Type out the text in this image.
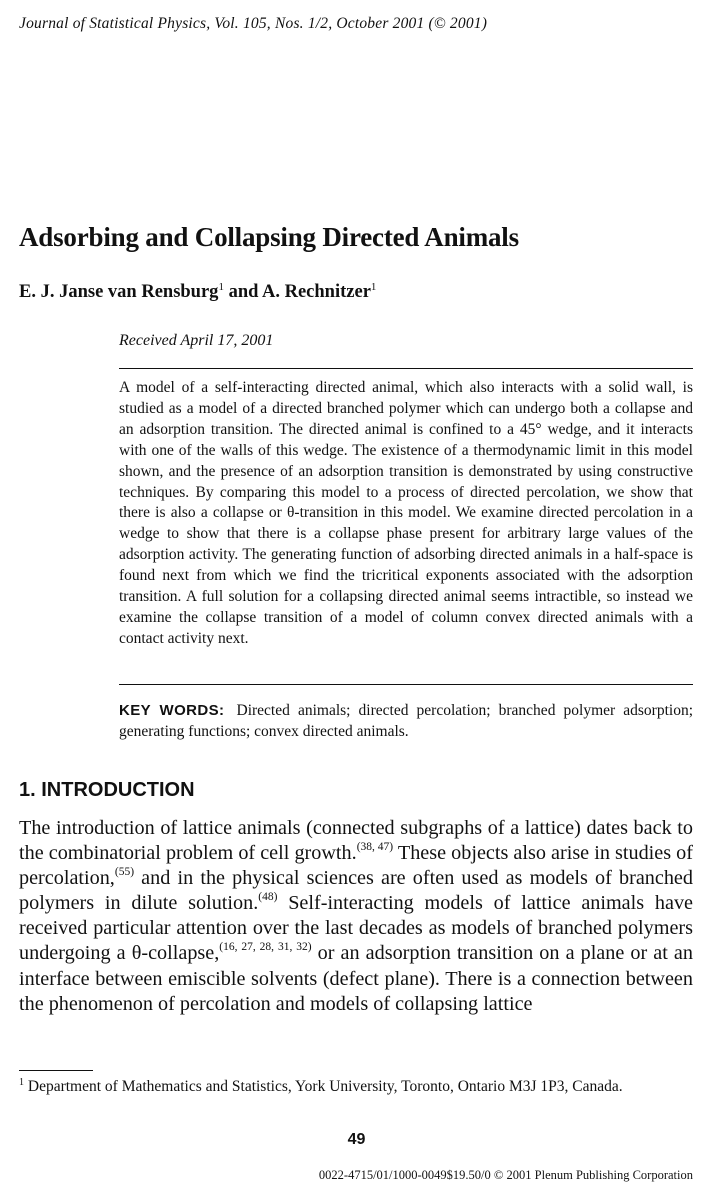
Journal of Statistical Physics, Vol. 105, Nos. 1/2, October 2001 (© 2001)
Adsorbing and Collapsing Directed Animals
E. J. Janse van Rensburg$^1$ and A. Rechnitzer$^1$
Received April 17, 2001
A model of a self-interacting directed animal, which also interacts with a solid wall, is studied as a model of a directed branched polymer which can undergo both a collapse and an adsorption transition. The directed animal is confined to a 45° wedge, and it interacts with one of the walls of this wedge. The existence of a thermodynamic limit in this model shown, and the presence of an adsorption transition is demonstrated by using constructive techniques. By comparing this model to a process of directed percolation, we show that there is also a collapse or θ-transition in this model. We examine directed percolation in a wedge to show that there is a collapse phase present for arbitrary large values of the adsorption activity. The generating function of adsorbing directed animals in a half-space is found next from which we find the tricritical exponents associated with the adsorption transition. A full solution for a collapsing directed animal seems intractible, so instead we examine the collapse transition of a model of column convex directed animals with a contact activity next.
KEY WORDS: Directed animals; directed percolation; branched polymer adsorption; generating functions; convex directed animals.
1. INTRODUCTION
The introduction of lattice animals (connected subgraphs of a lattice) dates back to the combinatorial problem of cell growth.$^{(38, 47)}$ These objects also arise in studies of percolation,$^{(55)}$ and in the physical sciences are often used as models of branched polymers in dilute solution.$^{(48)}$ Self-interacting models of lattice animals have received particular attention over the last decades as models of branched polymers undergoing a θ-collapse,$^{(16, 27, 28, 31, 32)}$ or an adsorption transition on a plane or at an interface between emiscible solvents (defect plane). There is a connection between the phenomenon of percolation and models of collapsing lattice
$^1$ Department of Mathematics and Statistics, York University, Toronto, Ontario M3J 1P3, Canada.
49
0022-4715/01/1000-0049$19.50/0 © 2001 Plenum Publishing Corporation
